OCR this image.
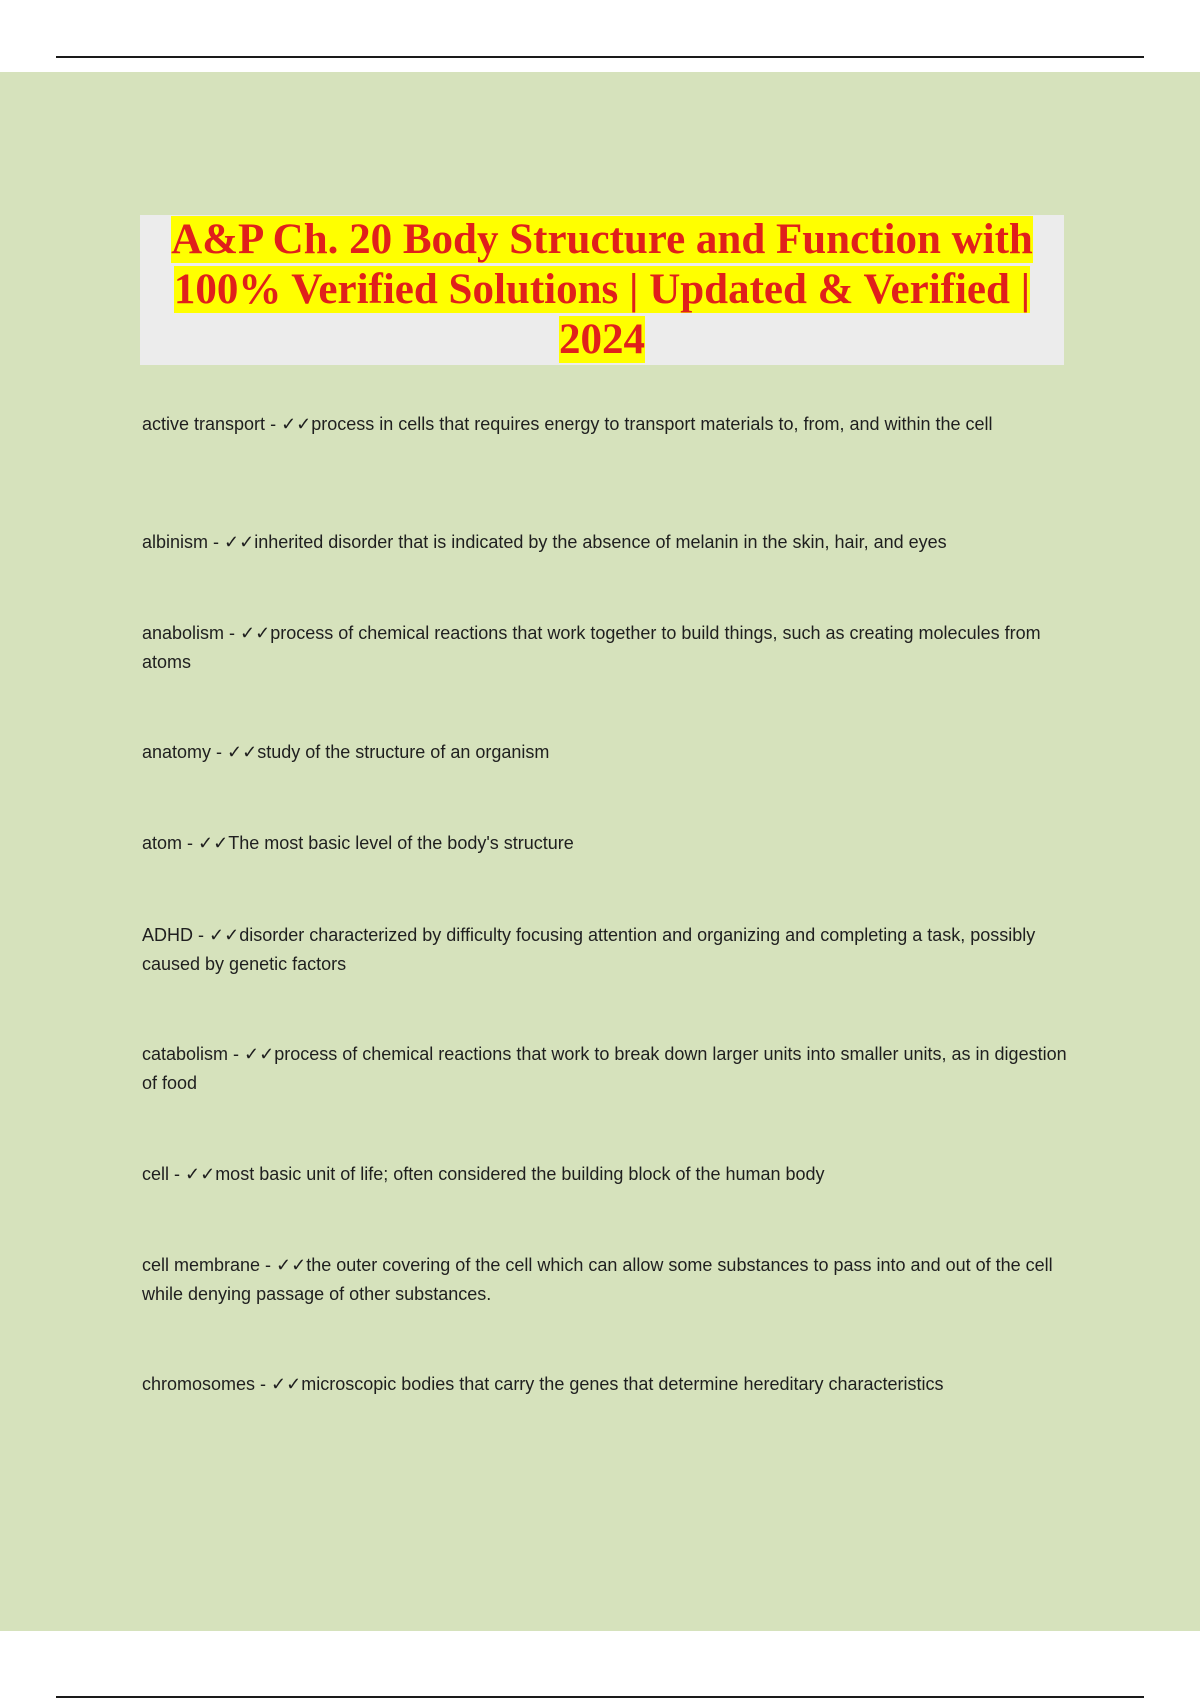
A&P Ch. 20 Body Structure and Function with 100% Verified Solutions | Updated & Verified | 2024
active transport - ✓✓process in cells that requires energy to transport materials to, from, and within the cell
albinism - ✓✓inherited disorder that is indicated by the absence of melanin in the skin, hair, and eyes
anabolism - ✓✓process of chemical reactions that work together to build things, such as creating molecules from atoms
anatomy - ✓✓study of the structure of an organism
atom - ✓✓The most basic level of the body's structure
ADHD - ✓✓disorder characterized by difficulty focusing attention and organizing and completing a task, possibly caused by genetic factors
catabolism - ✓✓process of chemical reactions that work to break down larger units into smaller units, as in digestion of food
cell - ✓✓most basic unit of life; often considered the building block of the human body
cell membrane - ✓✓the outer covering of the cell which can allow some substances to pass into and out of the cell while denying passage of other substances.
chromosomes - ✓✓microscopic bodies that carry the genes that determine hereditary characteristics
